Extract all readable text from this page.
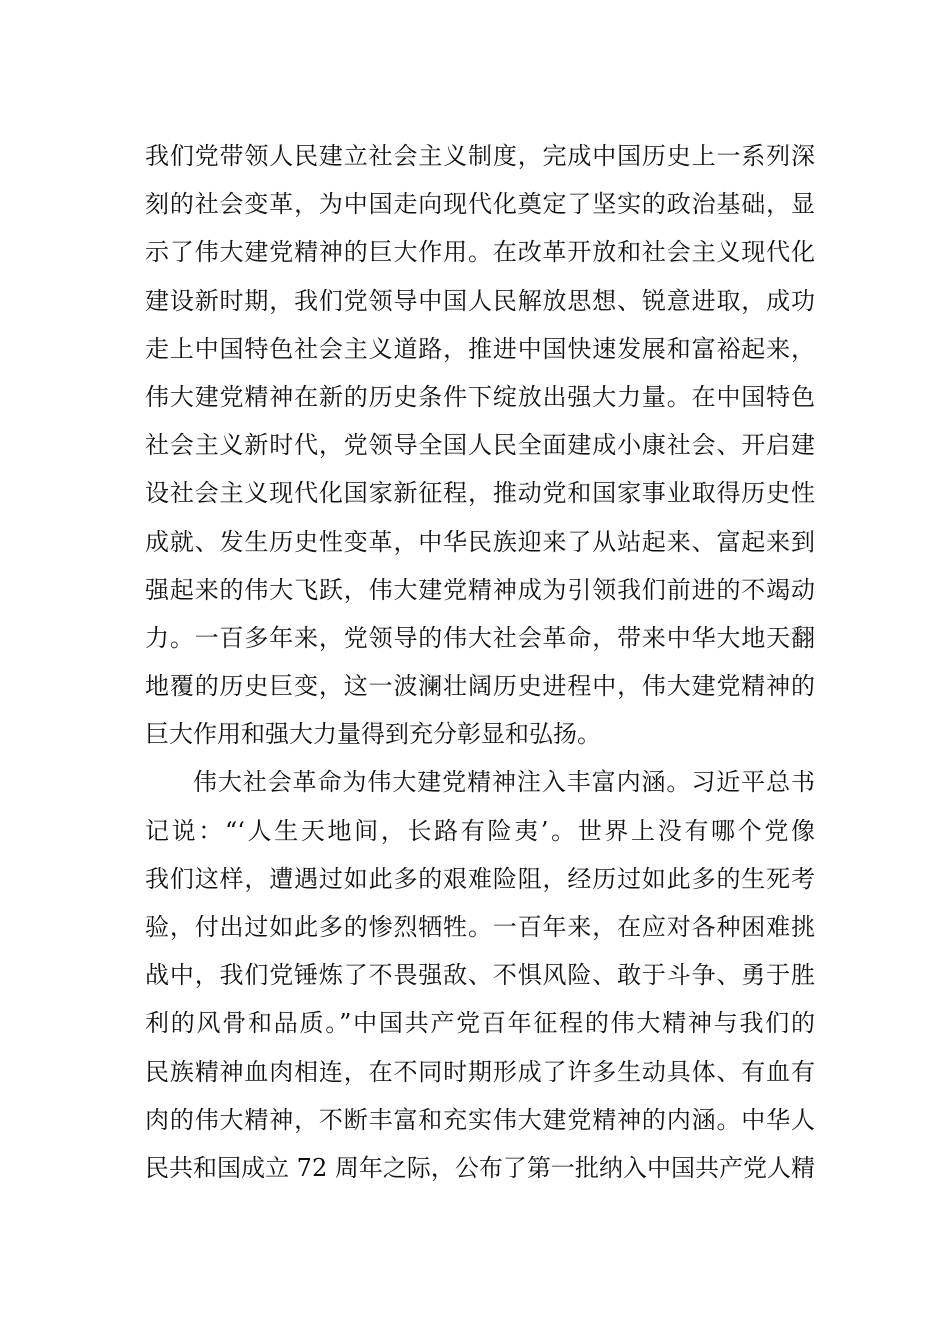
我们党带领人民建立社会主义制度，完成中国历史上一系列深
刻的社会变革，为中国走向现代化奠定了坚实的政治基础，显
示了伟大建党精神的巨大作用。在改革开放和社会主义现代化
建设新时期，我们党领导中国人民解放思想、锐意进取，成功
走上中国特色社会主义道路，推进中国快速发展和富裕起来，
伟大建党精神在新的历史条件下绽放出强大力量。在中国特色
社会主义新时代，党领导全国人民全面建成小康社会、开启建
设社会主义现代化国家新征程，推动党和国家事业取得历史性
成就、发生历史性变革，中华民族迎来了从站起来、富起来到
强起来的伟大飞跃，伟大建党精神成为引领我们前进的不竭动
力。一百多年来，党领导的伟大社会革命，带来中华大地天翻
地覆的历史巨变，这一波澜壮阔历史进程中，伟大建党精神的
巨大作用和强大力量得到充分彰显和弘扬。
伟大社会革命为伟大建党精神注入丰富内涵。习近平总书
记说：“‘人生天地间，长路有险夷’。世界上没有哪个党像
我们这样，遭遇过如此多的艰难险阻，经历过如此多的生死考
验，付出过如此多的惨烈牺牲。一百年来，在应对各种困难挑
战中，我们党锤炼了不畏强敌、不惧风险、敢于斗争、勇于胜
利的风骨和品质。”中国共产党百年征程的伟大精神与我们的
民族精神血肉相连，在不同时期形成了许多生动具体、有血有
肉的伟大精神，不断丰富和充实伟大建党精神的内涵。中华人
民共和国成立 72 周年之际，公布了第一批纳入中国共产党人精
